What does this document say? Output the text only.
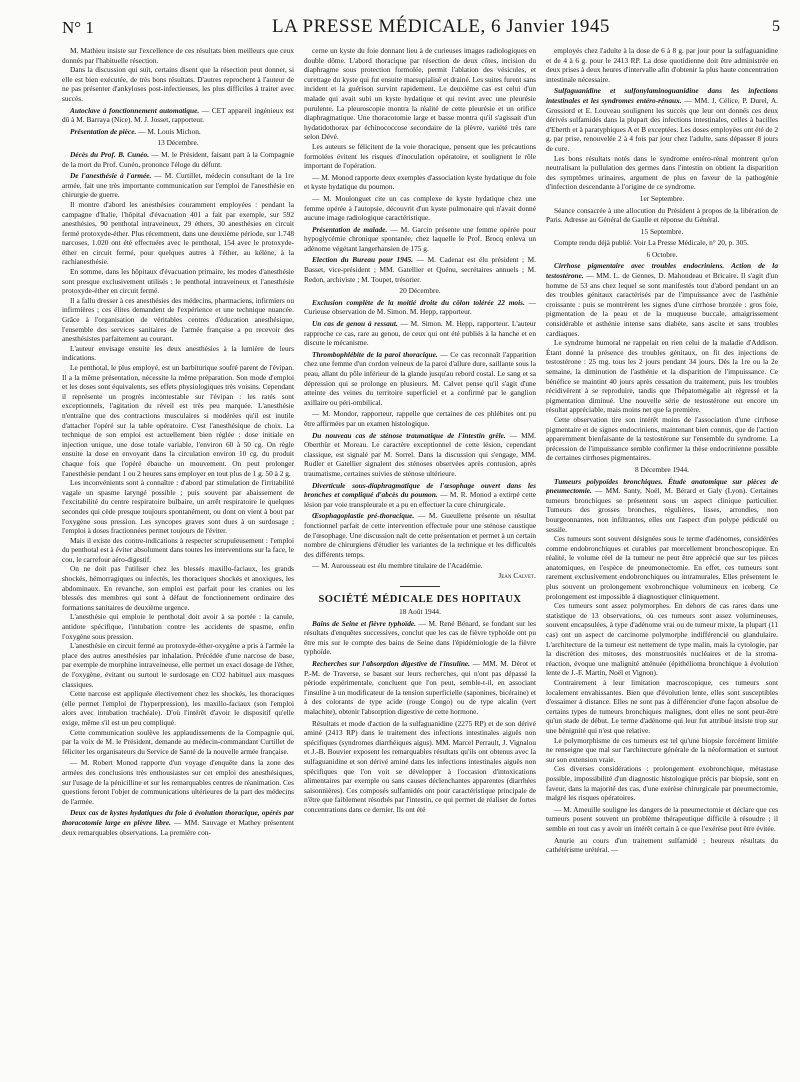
N° 1	LA PRESSE MÉDICALE, 6 Janvier 1945	5

M. Mathieu insiste sur l'excellence de ces résultats bien meilleurs que ceux donnés par l'habituelle résection.

Dans la discussion qui suit, certains disent que la résection peut donner, si elle est bien exécutée, de très bons résultats. D'autres reprochent à l'auteur de ne pas présenter d'ankyloses post-infectieuses, les plus difficiles à traiter avec succès.

Autoclave à fonctionnement automatique. — CET appareil ingénieux est dû à M. Barraya (Nice). M. J. Josset, rapporteur.

Présentation de pièce. — M. Louis Michon.

13 Décembre.

Décès du Prof. B. Cunéo. — M. le Président, faisant part à la Compagnie de la mort du Prof. Cunéo, prononce l'éloge du défunt.

De l'anesthésie à l'armée. — M. Curtillet, médecin consultant de la 1re armée, fait une très importante communication sur l'emploi de l'anesthésie en chirurgie de guerre.

Il montre d'abord les anesthésies couramment employées : pendant la campagne d'Italie, l'hôpital d'évacuation 401 a fait par exemple, sur 592 anesthésies, 90 penthotal intraveineux, 29 éthers, 30 anesthésies en circuit fermé protoxyde-éther. Plus récemment, dans une deuxième période, sur 1.748 narcoses, 1.020 ont été effectuées avec le penthotal, 154 avec le protoxyde-éther en circuit fermé, pour quelques autres à l'éther, au kélène, à la rachianesthésie.

En somme, dans les hôpitaux d'évacuation primaire, les modes d'anesthésie sont presque exclusivement utilisés : le penthotal intraveineux et l'anesthésie protoxyde-éther en circuit fermé.

Il a fallu dresser à ces anesthésies des médecins, pharmaciens, infirmiers ou infirmières ; ces élites demandent de l'expérience et une technique nuancée. Grâce à l'organisation de véritables centres d'éducation anesthésique, l'ensemble des services sanitaires de l'armée française a pu recevoir des anesthésistes parfaitement au courant.

L'auteur envisage ensuite les deux anesthésies à la lumière de leurs indications.

Le penthotal, le plus employé, est un barbiturique soufré parent de l'évipan. Il a la même présentation, nécessite la même préparation. Son mode d'emploi et les doses sont équivalents, ses effets physiologiques très voisins. Cependant il représente un progrès incontestable sur l'évipan : les ratés sont exceptionnels, l'agitation du réveil est très peu marquée. L'anesthésie n'entraîne que des contractions musculaires si modérées qu'il est inutile d'attacher l'opéré sur la table opératoire. C'est l'anesthésique de choix. La technique de son emploi est actuellement bien réglée : dose initiale en injection unique, une dose totale variable, l'environ 60 à 50 cg. On règle ensuite la dose en envoyant dans la circulation environ 10 cg. du produit chaque fois que l'opéré ébauche un mouvement. On peut prolonger l'anesthésie pendant 1 ou 2 heures sans employer en tout plus de 1 g. 50 à 2 g.

Les inconvénients sont à connaître : d'abord par stimulation de l'irritabilité vagale un spasme laryngé possible ; puis souvent par abaissement de l'excitabilité du centre respiratoire bulbaire, un arrêt respiratoire le quelques secondes qui cède presque toujours spontanément, ou dont on vient à bout par l'oxygène sous pression. Les syncopes graves sont dues à un surdosage ; l'emploi à doses fractionnées permet toujours de l'éviter.

Mais il existe des contre-indications à respecter scrupuleusement : l'emploi du penthotal est à éviter absolument dans toutes les interventions sur la face, le cou, le carrefour aéro-digestif.

On ne doit pas l'utiliser chez les blessés maxillo-faciaux, les grands shockés, hémorragiques ou infectés, les thoraciques shockés et anoxiques, les abdominaux. En revanche, son emploi est parfait pour les cranies ou les blessés des membres qui sont à défaut de fonctionnement ordinaire des formations sanitaires de deuxième urgence.

L'anesthésie qui emploie le penthotal doit avoir à sa portée : la canule, antidote spécifique, l'intubation contre les accidents de spasme, enfin l'oxygène sous pression.

L'anesthésie en circuit fermé au protoxyde-éther-oxygène a pris à l'armée la place des autres anesthésies par inhalation. Précédée d'une narcose de base, par exemple de morphine intraveineuse, elle permet un exact dosage de l'éther, de l'oxygène, évitant ou surtout le surdosage en CO2 habituel aux masques classiques.

Cette narcose est appliquée électivement chez les shockés, les thoraciques (elle permet l'emploi de l'hyperpression), les maxillo-faciaux (son l'emploi alors avec intubation trachéale). D'où l'intérêt d'avoir le dispositif qu'elle exige, même s'il est un peu compliqué.

Cette communication soulève les applaudissements de la Compagnie qui, par la voix de M. le Président, demande au médecin-commandant Curtillet de féliciter les organisateurs du Service de Santé de la nouvelle armée française.

— M. Robert Monod rapporte d'un voyage d'enquête dans la zone des armées des conclusions très enthousiastes sur cet emploi des anesthésiques, sur l'usage de la pénicilline et sur les remarquables centres de réanimation. Ces questions feront l'objet de communications ultérieures de la part des médecins de l'armée.

Deux cas de kystes hydatiques du foie à évolution thoracique, opérés par thoracotomie large en plèvre libre. — MM. Sauvage et Mathey présentent deux remarquables observations. La première con-

cerne un kyste du foie donnant lieu à de curieuses images radiologiques en double dôme. L'abord thoracique par résection de deux côtes, incision du diaphragme sous protection formolée, permit l'ablation des vésicules, et curettage du kyste qui fut ensuite marsupialisé et drainé. Les suites furent sans incident et la guérison survint rapidement. Le deuxième cas est celui d'un malade qui avait subi un kyste hydatique et qui revint avec une pleurésie purulente. La pleuroscopie montra la réalité de cette pleurésie et un orifice diaphragmatique. Une thoracotomie large et basse montra qu'il s'agissait d'un hydatidothorax par échinococcose secondaire de la plèvre, variété très rare selon Dévé.

Les auteurs se félicitent de la voie thoracique, pensent que les précautions formolées évitent les risques d'inoculation opératoire, et soulignent le rôle important de l'opération.

— M. Monod rapporte deux exemples d'association kyste hydatique du foie et kyste hydatique du poumon.

— M. Moulonguet cite un cas complexe de kyste hydatique chez une femme opérée à l'autopsie, découvrit d'un kyste pulmonaire qui n'avait donné aucune image radiologique caractéristique.

Présentation de malade. — M. Garcin présente une femme opérée pour hypoglycémie chronique spontanée, chez laquelle le Prof. Brocq enleva un adénome végétant langerhansien de 175 g.

Election du Bureau pour 1945. — M. Cadenat est élu président ; M. Basset, vice-président ; MM. Gatellier et Quénu, secrétaires annuels ; M. Redon, archiviste ; M. Toupet, trésorier.

20 Décembre.

Exclusion complète de la moitié droite du côlon tolérée 22 mois. — Curieuse observation de M. Simon. M. Hepp, rapporteur.

Un cas de genou à ressaut. — M. Simon. M. Hepp, rapporteur. L'auteur rapproche ce cas, rare au genou, de ceux qui ont été publiés à la hanche et en discute le mécanisme.

Thrombophlébite de la paroi thoracique. — Ce cas reconnaît l'apparition chez une femme d'un cordon veineux de la paroi d'allure dure, saillante sous la peau, allant du pôle inférieur de la glande jusqu'au rebord costal. Le sang et sa dépression qui se prolonge en plusieurs. M. Calvet pense qu'il s'agit d'une atteinte des veines du territoire superficiel et a confirmé par le ganglion axillaire ou péri-ombilical.

— M. Mondor, rapporteur, rappelle que certaines de ces phlébites ont pu être affirmées par un examen histologique.

Du nouveau cas de sténose traumatique de l'intestin grêle. — MM. Oberthür et Moreau. Le caractère exceptionnel de cette lésion, cependant classique, est signalé par M. Sorrel. Dans la discussion qui s'engage, MM. Rudler et Gatellier signalent des sténoses observées après contusion, après traumatisme, certaines suivies de sténose ultérieure.

Diverticule sous-diaphragmatique de l'œsophage ouvert dans les bronches et compliqué d'abcès du poumon. — M. R. Monod a extirpé cette lésion par voie transpleurale et a pu en effectuer la cure chirurgicale.

Œsophagoplastie pré-thoracique. — M. Gueullette présente un résultat fonctionnel parfait de cette intervention effectuée pour une sténose caustique de l'œsophage. Une discussion naît de cette présentation et permet à un certain nombre de chirurgiens d'étudier les variantes de la technique et les difficultés des différents temps.

— M. Aurousseau est élu membre titulaire de l'Académie.

Jean Calvet.

SOCIÉTÉ MÉDICALE DES HOPITAUX

18 Août 1944.

Bains de Seine et fièvre typhoïde. — M. René Bénard, se fondant sur les résultats d'enquêtes successives, conclut que les cas de fièvre typhoïde ont pu être mis sur le compte des bains de Seine dans l'épidémiologie de la fièvre typhoïde.

Recherches sur l'absorption digestive de l'insuline. — MM. M. Dérot et P.-M. de Traverse, se basant sur leurs recherches, qui n'ont pas dépassé la période expérimentale, concluent que l'on peut, semble-t-il, en associant l'insuline à un modificateur de la tension superficielle (saponines, bicéraine) et à des colorants de type acide (rouge Congo) ou de type alcalin (vert malachite), obtenir l'absorption digestive de cette hormone.

Résultats et mode d'action de la sulfaguanidine (2275 RP) et de son dérivé aminé (2413 RP) dans le traitement des infections intestinales aiguës non spécifiques (syndromes diarrhéiques aigus). MM. Marcel Perrault, J. Vignalou et J.-B. Bouvier exposent les remarquables résultats qu'ils ont obtenus avec la sulfaguanidine et son dérivé aminé dans les infections intestinales aiguës non spécifiques que l'on voit se développer à l'occasion d'intoxications alimentaires par exemple ou sans causes déclenchantes apparentes (diarrhées saisonnières). Ces composés sulfamidés ont pour caractéristique principale de n'être que faiblement résorbés par l'intestin, ce qui permet de réaliser de fortes concentrations dans ce dernier. Ils ont été

employés chez l'adulte à la dose de 6 à 8 g. par jour pour la sulfaguanidine et de 4 à 6 g. pour le 2413 RP. La dose quotidienne doit être administrée en deux prises à deux heures d'intervalle afin d'obtenir la plus haute concentration intestinale nécessaire.

Sulfaguanidine et sulfonylaminoguanidine dans les infections intestinales et les syndromes entéro-rénaux. — MM. J. Célice, P. Durel, A. Grossiord et E. Louveau soulignent les succès que leur ont donnés ces deux dérivés sulfamidés dans la plupart des infections intestinales, celles à bacilles d'Eberth et à paratyphiques A et B exceptées. Les doses employées ont été de 2 g. par prise, renouvelée 2 à 4 fois par jour chez l'adulte, sans dépasser 8 jours de cure.

Les bons résultats notés dans le syndrome entéro-rénal montrent qu'on neutralisant la pullulation des germes dans l'intestin on obtient la disparition des symptômes urinaires, argument de plus en faveur de la pathogénie d'infection descendante à l'origine de ce syndrome.

1er Septembre.

Séance consacrée à une allocution du Président à propos de la libération de Paris. Adresse au Général de Gaulle et réponse du Général.

15 Septembre.

Compte rendu déjà publié. Voir La Presse Médicale, n° 20, p. 305.

6 Octobre.

Cirrhose pigmentaire avec troubles endocriniens. Action de la testostérone. — MM. L. de Gennes, D. Mahoudeau et Bricaire. Il s'agit d'un homme de 53 ans chez lequel se sont manifestés tout d'abord pendant un an des troubles génitaux caractérisés par de l'impuissance avec de l'asthénie croissante : puis se montrèrent les signes d'une cirrhose bronzée : gros foie, pigmentation de la peau et de la muqueuse buccale, amaigrissement considérable et asthénie intense sans diabète, sans ascite et sans troubles cardiaques.

Le syndrome humoral ne rappelait en rien celui de la maladie d'Addison. Étant donné la présence des troubles génitaux, on fit des injections de testostérone : 25 mg. tous les 2 jours pendant 34 jours. Dès la 1re ou la 2e semaine, la diminution de l'asthénie et la disparition de l'impuissance. Ce bénéfice se maintint 40 jours après cessation du traitement, puis les troubles récidivèrent à se reproduire, tandis que l'hépatomégalie ait régressé et la pigmentation diminué. Une nouvelle série de testostérone eut encore un résultat appréciable, mais moins net que la première.

Cette observation tire son intérêt moins de l'association d'une cirrhose pigmentaire et de signes endocriniens, maintenant bien connus, que de l'action apparemment bienfaisante de la testostérone sur l'ensemble du syndrome. La précession de l'impuissance semble confirmer la thèse endocrinienne possible de certaines cirrhoses pigmentaires.

8 Décembre 1944.

Tumeurs polypoïdes bronchiques. Étude anatomique sur pièces de pneumectomie. — MM. Santy, Noël, M. Bérard et Galy (Lyon). Certaines tumeurs bronchiques se présentent sous un aspect clinique particulier. Tumeurs des grosses bronches, régulières, lisses, arrondies, non bourgeonnantes, non infiltrantes, elles ont l'aspect d'un polype pédiculé ou sessile.

Ces tumeurs sont souvent désignées sous le terme d'adénomes, considérées comme endobronchiques et curables par morcellement bronchoscopique. En réalité, le volume réel de la tumeur ne peut être apprécié que sur les pièces anatomiques, en l'espèce de pneumonectomie. En effet, ces tumeurs sont rarement exclusivement endobronchiques ou intramurales. Elles présentent le plus souvent un prolongement exobronchique volumineux en iceberg. Ce prolongement est impossible à diagnostiquer cliniquement.

Ces tumeurs sont assez polymorphes. En dehors de cas rares dans une statistique de 13 observations, où ces tumeurs sont assez volumineuses, souvent encapsulées, à type d'adénome vrai ou de tumeur mixte, la plupart (11 cas) ont un aspect de carcinome polymorphe indifférencié ou glandulaire. L'architecture de la tumeur est nettement de type malin, mais la cytologie, par la discrétion des mitoses, des monstruosités nucléaires et de la stroma-réaction, évoque une malignité atténuée (épithélioma bronchique à évolution lente de J.-F. Martin, Noël et Vignon).

Contrairement à leur limitation macroscopique, ces tumeurs sont localement envahissantes. Bien que d'évolution lente, elles sont susceptibles d'essaimer à distance. Elles ne sont pas à différencier d'une façon absolue de certains types de tumeurs bronchiques malignes, dont elles ne sont peut-être qu'un stade de début. Le terme d'adénome qui leur fut attribué insiste trop sur une bénignité qui n'est que relative.

Le polymorphisme de ces tumeurs est tel qu'une biopsie forcément limitée ne renseigne que mal sur l'architecture générale de la néoformation et surtout sur son extension vraie.

Ces diverses considérations : prolongement exobronchique, métastase possible, impossibilité d'un diagnostic histologique précis par biopsie, sont en faveur, dans la majorité des cas, d'une exérèse chirurgicale par pneumectomie, malgré les risques opératoires.

— M. Ameuille souligne les dangers de la pneumectomie et déclare que ces tumeurs posent souvent un problème thérapeutique difficile à résoudre ; il semble en tout cas y avoir un intérêt certain à ce que l'exérèse peut être évitée.

Anurie au cours d'un traitement sulfamidé ; heureux résultats du cathétérisme urétéral. —
